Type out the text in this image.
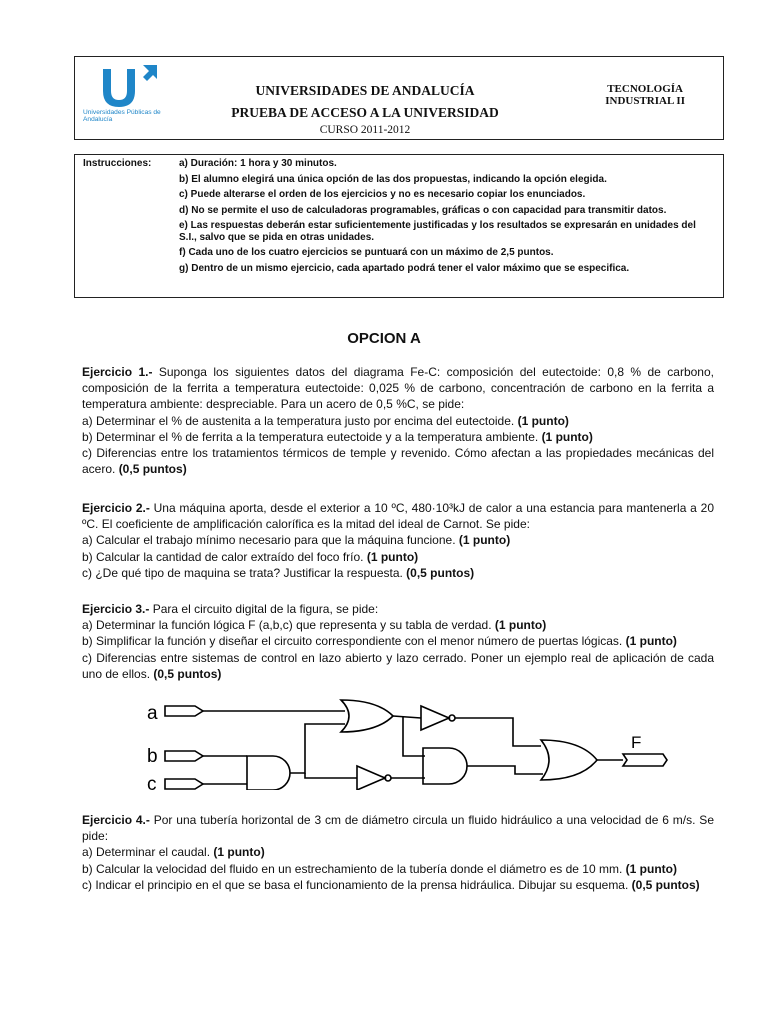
Universidades Públicas de Andalucía
UNIVERSIDADES DE ANDALUCÍA
PRUEBA DE ACCESO A LA UNIVERSIDAD
CURSO 2011-2012
TECNOLOGÍA
INDUSTRIAL II
Instrucciones:	a) Duración: 1 hora y 30 minutos.
b) El alumno elegirá una única opción de las dos propuestas, indicando la opción elegida.
c) Puede alterarse el orden de los ejercicios y no es necesario copiar los enunciados.
d) No se permite el uso de calculadoras programables, gráficas o con capacidad para transmitir datos.
e) Las respuestas deberán estar suficientemente justificadas y los resultados se expresarán en unidades del S.I., salvo que se pida en otras unidades.
f) Cada uno de los cuatro ejercicios se puntuará con un máximo de 2,5 puntos.
g) Dentro de un mismo ejercicio, cada apartado podrá tener el valor máximo que se especifica.
OPCION A

Ejercicio 1.- Suponga los siguientes datos del diagrama Fe-C: composición del eutectoide: 0,8 % de carbono, composición de la ferrita a temperatura eutectoide: 0,025 % de carbono, concentración de carbono en la ferrita a temperatura ambiente: despreciable. Para un acero de 0,5 %C, se pide:

a) Determinar el % de austenita a la temperatura justo por encima del eutectoide. (1 punto)

b) Determinar el % de ferrita a la temperatura eutectoide y a la temperatura ambiente. (1 punto)

c) Diferencias entre los tratamientos térmicos de temple y revenido. Cómo afectan a las propiedades mecánicas del acero. (0,5 puntos)

Ejercicio 2.- Una máquina aporta, desde el exterior a 10 ºC, 480·10³kJ de calor a una estancia para mantenerla a 20 ºC. El coeficiente de amplificación calorífica es la mitad del ideal de Carnot. Se pide:

a) Calcular el trabajo mínimo necesario para que la máquina funcione. (1 punto)

b) Calcular la cantidad de calor extraído del foco frío. (1 punto)

c) ¿De qué tipo de maquina se trata? Justificar la respuesta. (0,5 puntos)

Ejercicio 3.- Para el circuito digital de la figura, se pide:

a) Determinar la función lógica F (a,b,c) que representa y su tabla de verdad. (1 punto)

b) Simplificar la función y diseñar el circuito correspondiente con el menor número de puertas lógicas. (1 punto)

c) Diferencias entre sistemas de control en lazo abierto y lazo cerrado. Poner un ejemplo real de aplicación de cada uno de ellos. (0,5 puntos)

a
b
c
F

Ejercicio 4.- Por una tubería horizontal de 3 cm de diámetro circula un fluido hidráulico a una velocidad de 6 m/s. Se pide:

a) Determinar el caudal. (1 punto)

b) Calcular la velocidad del fluido en un estrechamiento de la tubería donde el diámetro es de 10 mm. (1 punto)

c) Indicar el principio en el que se basa el funcionamiento de la prensa hidráulica. Dibujar su esquema. (0,5 puntos)
